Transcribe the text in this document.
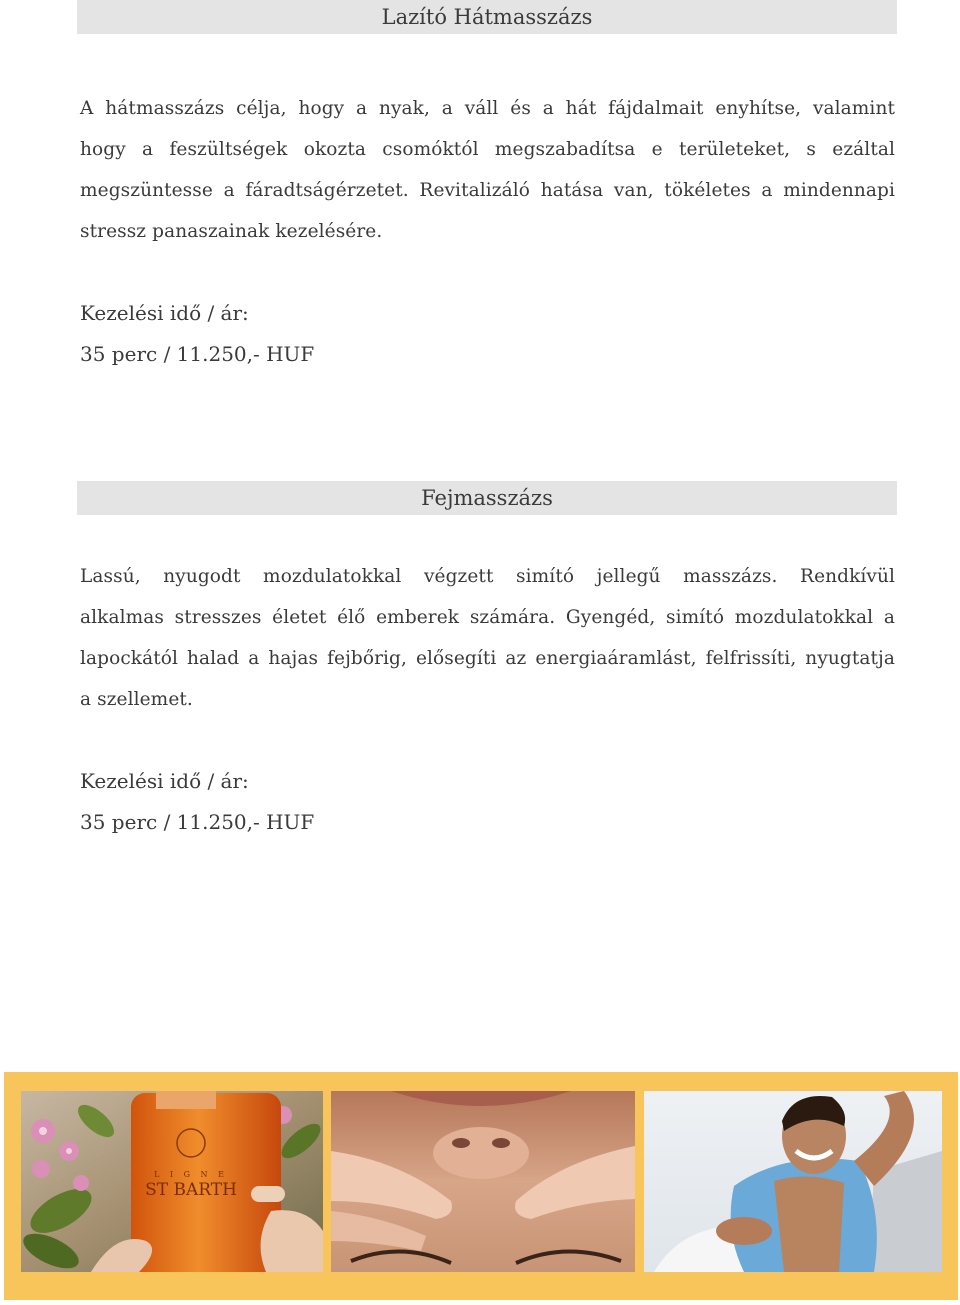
Lazító Hátmasszázs
A hátmasszázs célja, hogy a nyak, a váll és a hát fájdalmait enyhítse, valamint
hogy a feszültségek okozta csomóktól megszabadítsa e területeket, s ezáltal
megszüntesse a fáradtságérzetet. Revitalizáló hatása van, tökéletes a mindennapi
stressz panaszainak kezelésére.
Kezelési idő / ár:
35 perc / 11.250,- HUF
Fejmasszázs
Lassú, nyugodt mozdulatokkal végzett simító jellegű masszázs. Rendkívül
alkalmas stresszes életet élő emberek számára. Gyengéd, simító mozdulatokkal a
lapockától halad a hajas fejbőrig, elősegíti az energiaáramlást, felfrissíti, nyugtatja
a szellemet.
Kezelési idő / ár:
35 perc / 11.250,- HUF
L I G N E
ST BARTH
